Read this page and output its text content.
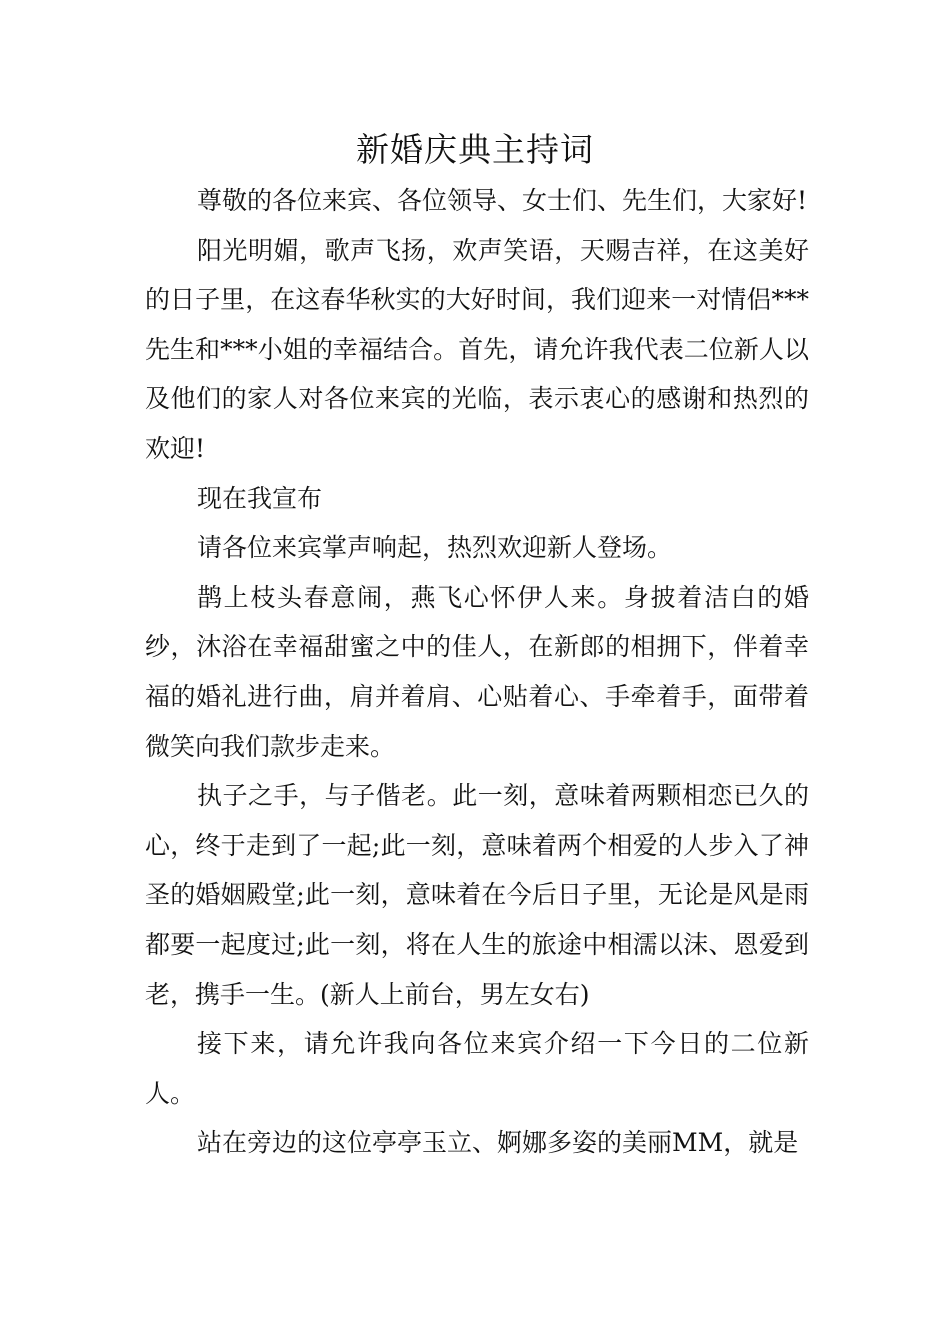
新婚庆典主持词

尊敬的各位来宾、各位领导、女士们、先生们，大家好!

阳光明媚，歌声飞扬，欢声笑语，天赐吉祥，在这美好的日子里，在这春华秋实的大好时间，我们迎来一对情侣***先生和***小姐的幸福结合。首先，请允许我代表二位新人以及他们的家人对各位来宾的光临，表示衷心的感谢和热烈的欢迎!

现在我宣布

请各位来宾掌声响起，热烈欢迎新人登场。

鹊上枝头春意闹，燕飞心怀伊人来。身披着洁白的婚纱，沐浴在幸福甜蜜之中的佳人，在新郎的相拥下，伴着幸福的婚礼进行曲，肩并着肩、心贴着心、手牵着手，面带着微笑向我们款步走来。

执子之手，与子偕老。此一刻，意味着两颗相恋已久的心，终于走到了一起;此一刻，意味着两个相爱的人步入了神圣的婚姻殿堂;此一刻，意味着在今后日子里，无论是风是雨都要一起度过;此一刻，将在人生的旅途中相濡以沫、恩爱到老，携手一生。(新人上前台，男左女右)

接下来，请允许我向各位来宾介绍一下今日的二位新人。

站在旁边的这位亭亭玉立、婀娜多姿的美丽MM，就是
